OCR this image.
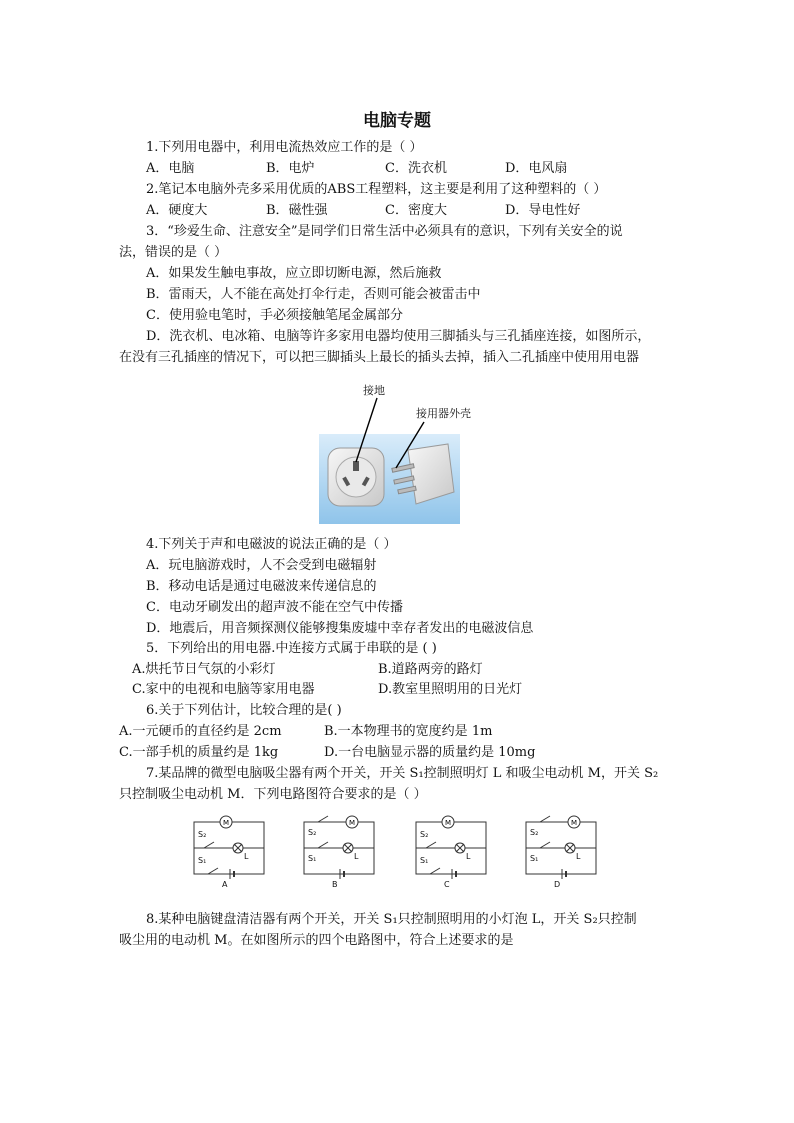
电脑专题
1.下列用电器中，利用电流热效应工作的是（ ）
A．电脑	B．电炉	C．洗衣机	D．电风扇
2.笔记本电脑外壳多采用优质的ABS工程塑料，这主要是利用了这种塑料的（ ）
A．硬度大	B．磁性强	C．密度大	D．导电性好
3．“珍爱生命、注意安全”是同学们日常生活中必须具有的意识，下列有关安全的说
法，错误的是（ ）
A．如果发生触电事故，应立即切断电源，然后施救
B．雷雨天，人不能在高处打伞行走，否则可能会被雷击中
C．使用验电笔时，手必须接触笔尾金属部分
D．洗衣机、电冰箱、电脑等许多家用电器均使用三脚插头与三孔插座连接，如图所示，
在没有三孔插座的情况下，可以把三脚插头上最长的插头去掉，插入二孔插座中使用用电器
接地
接用器外壳
4.下列关于声和电磁波的说法正确的是（ ）
A．玩电脑游戏时，人不会受到电磁辐射
B．移动电话是通过电磁波来传递信息的
C．电动牙刷发出的超声波不能在空气中传播
D．地震后，用音频探测仪能够搜集废墟中幸存者发出的电磁波信息
5．下列给出的用电器.中连接方式属于串联的是 ( )
A.烘托节日气氛的小彩灯	B.道路两旁的路灯
C.家中的电视和电脑等家用电器	D.教室里照明用的日光灯
6.关于下列估计，比较合理的是( )
A.一元硬币的直径约是 2cm	B.一本物理书的宽度约是 1m
C.一部手机的质量约是 1kg	D.一台电脑显示器的质量约是 10mg
7.某品牌的微型电脑吸尘器有两个开关，开关 S₁控制照明灯 L 和吸尘电动机 M，开关 S₂
只控制吸尘电动机 M．下列电路图符合要求的是（ ）
M
S₂
S₁	L
A
M
S₂
S₁	L
B
M
S₂
S₁	L
C
M
S₂
S₁	L
D
8.某种电脑键盘清洁器有两个开关，开关 S₁只控制照明用的小灯泡 L，开关 S₂只控制
吸尘用的电动机 M。在如图所示的四个电路图中，符合上述要求的是
